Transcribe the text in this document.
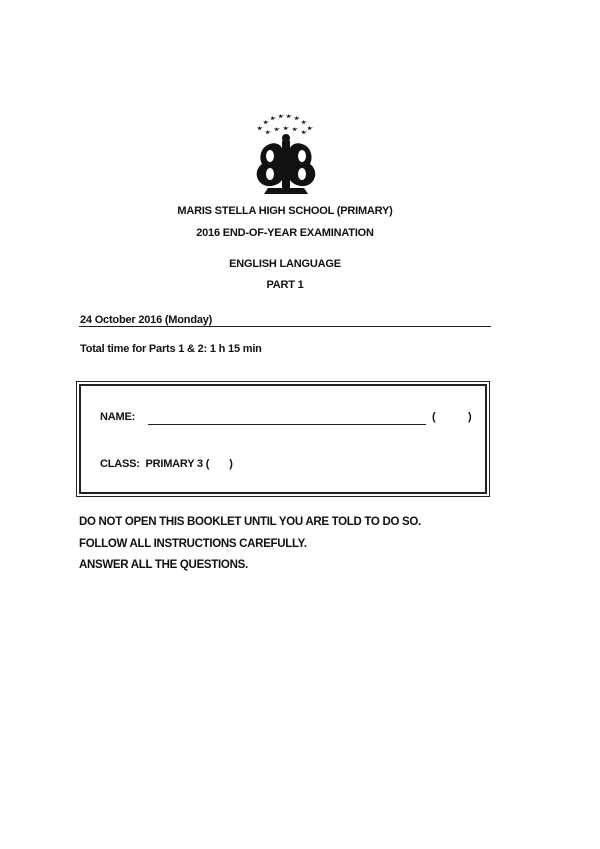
MARIS STELLA HIGH SCHOOL (PRIMARY)
2016 END-OF-YEAR EXAMINATION
ENGLISH LANGUAGE
PART 1
24 October 2016 (Monday)
Total time for Parts 1 & 2: 1 h 15 min
NAME:	(	)
CLASS:  PRIMARY 3 (       )
DO NOT OPEN THIS BOOKLET UNTIL YOU ARE TOLD TO DO SO.
FOLLOW ALL INSTRUCTIONS CAREFULLY.
ANSWER ALL THE QUESTIONS.
